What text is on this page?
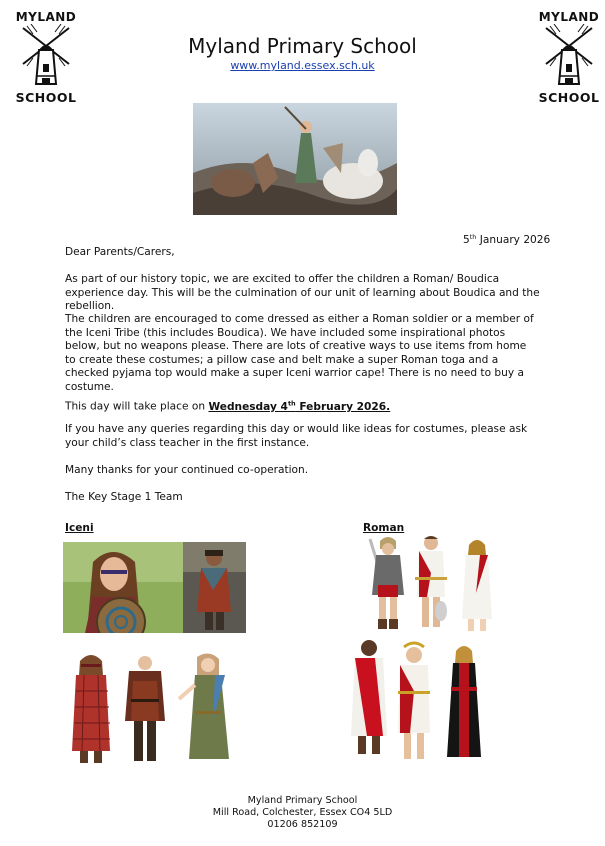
MYLAND
SCHOOL
MYLAND
SCHOOL
Myland Primary School
www.myland.essex.sch.uk
5th January 2026
Dear Parents/Carers,
As part of our history topic, we are excited to offer the children a Roman/ Boudica experience day. This will be the culmination of our unit of learning about Boudica and the rebellion.
The children are encouraged to come dressed as either a Roman soldier or a member of the Iceni Tribe (this includes Boudica). We have included some inspirational photos below, but no weapons please. There are lots of creative ways to use items from home to create these costumes; a pillow case and belt make a super Roman toga and a checked pyjama top would make a super Iceni warrior cape! There is no need to buy a costume.
This day will take place on Wednesday 4th February 2026.
If you have any queries regarding this day or would like ideas for costumes, please ask your child’s class teacher in the first instance.
Many thanks for your continued co-operation.
The Key Stage 1 Team
Iceni	Roman
Myland Primary School
Mill Road, Colchester, Essex CO4 5LD
01206 852109
